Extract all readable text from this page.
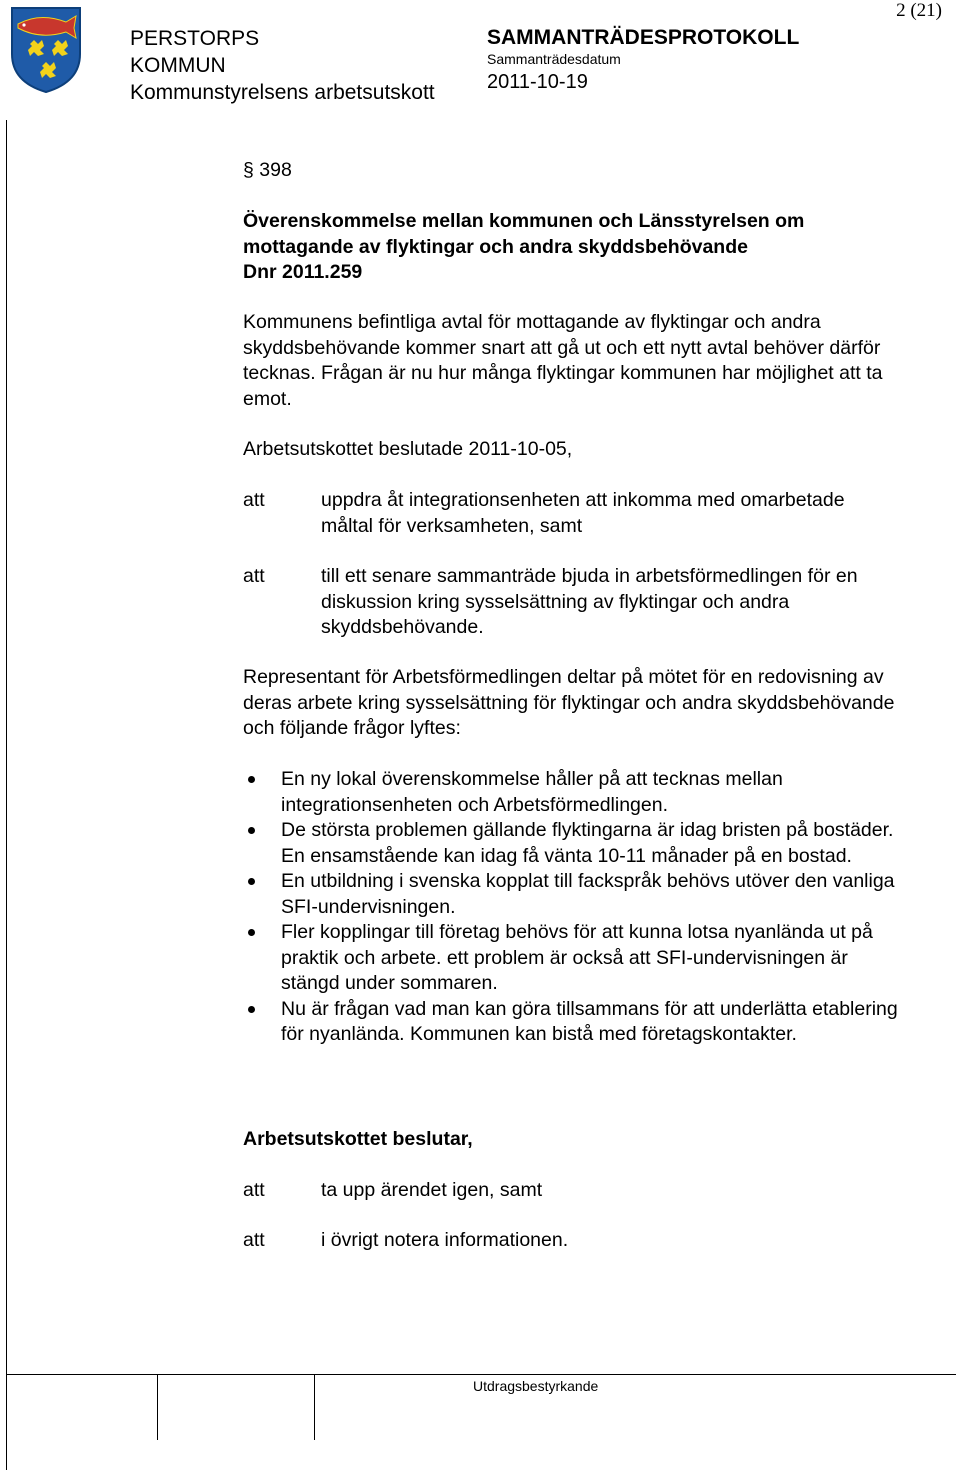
PERSTORPS
KOMMUN
Kommunstyrelsens arbetsutskott
SAMMANTRÄDESPROTOKOLL
Sammanträdesdatum
2011-10-19
2 (21)
Utdragsbestyrkande
§ 398
Överenskommelse mellan kommunen och Länsstyrelsen om
mottagande av flyktingar och andra skyddsbehövande
Dnr 2011.259
Kommunens befintliga avtal för mottagande av flyktingar och andra skyddsbehövande kommer snart att gå ut och ett nytt avtal behöver därför tecknas. Frågan är nu hur många flyktingar kommunen har möjlighet att ta emot.
Arbetsutskottet beslutade 2011-10-05,
att	uppdra åt integrationsenheten att inkomma med omarbetade måltal för verksamheten, samt
att	till ett senare sammanträde bjuda in arbetsförmedlingen för en diskussion kring sysselsättning av flyktingar och andra skyddsbehövande.
Representant för Arbetsförmedlingen deltar på mötet för en redovisning av deras arbete kring sysselsättning för flyktingar och andra skyddsbehövande och följande frågor lyftes:
En ny lokal överenskommelse håller på att tecknas mellan integrationsenheten och Arbetsförmedlingen.
De största problemen gällande flyktingarna är idag bristen på bostäder. En ensamstående kan idag få vänta 10-11 månader på en bostad.
En utbildning i svenska kopplat till fackspråk behövs utöver den vanliga SFI-undervisningen.
Fler kopplingar till företag behövs för att kunna lotsa nyanlända ut på praktik och arbete. ett problem är också att SFI-undervisningen är stängd under sommaren.
Nu är frågan vad man kan göra tillsammans för att underlätta etablering för nyanlända. Kommunen kan bistå med företagskontakter.
Arbetsutskottet beslutar,
att	ta upp ärendet igen, samt
att	i övrigt notera informationen.
